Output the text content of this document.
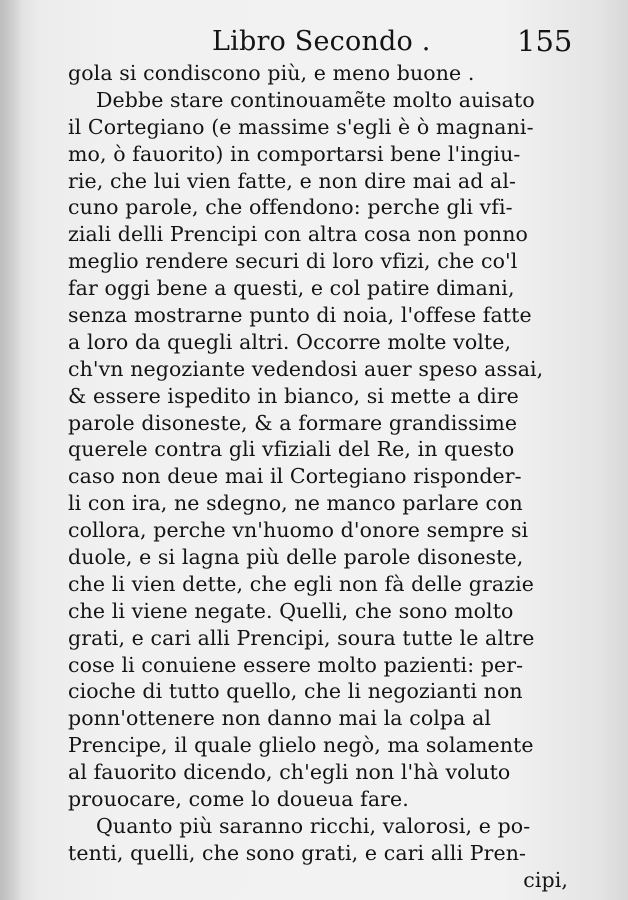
Libro Secondo .	155
gola si condiscono più, e meno buone .
Debbe stare continouamẽte molto auisato
il Cortegiano (e massime s'egli è ò magnani-
mo, ò fauorito) in comportarsi bene l'ingiu-
rie, che lui vien fatte, e non dire mai ad al-
cuno parole, che offendono: perche gli vfi-
ziali delli Prencipi con altra cosa non ponno
meglio rendere securi di loro vfizi, che co'l
far oggi bene a questi, e col patire dimani,
senza mostrarne punto di noia, l'offese fatte
a loro da quegli altri. Occorre molte volte,
ch'vn negoziante vedendosi auer speso assai,
& essere ispedito in bianco, si mette a dire
parole disoneste, & a formare grandissime
querele contra gli vfiziali del Re, in questo
caso non deue mai il Cortegiano risponder-
li con ira, ne sdegno, ne manco parlare con
collora, perche vn'huomo d'onore sempre si
duole, e si lagna più delle parole disoneste,
che li vien dette, che egli non fà delle grazie
che li viene negate. Quelli, che sono molto
grati, e cari alli Prencipi, soura tutte le altre
cose li conuiene essere molto pazienti: per-
cioche di tutto quello, che li negozianti non
ponn'ottenere non danno mai la colpa al
Prencipe, il quale glielo negò, ma solamente
al fauorito dicendo, ch'egli non l'hà voluto
prouocare, come lo doueua fare.
Quanto più saranno ricchi, valorosi, e po-
tenti, quelli, che sono grati, e cari alli Pren-
cipi,
